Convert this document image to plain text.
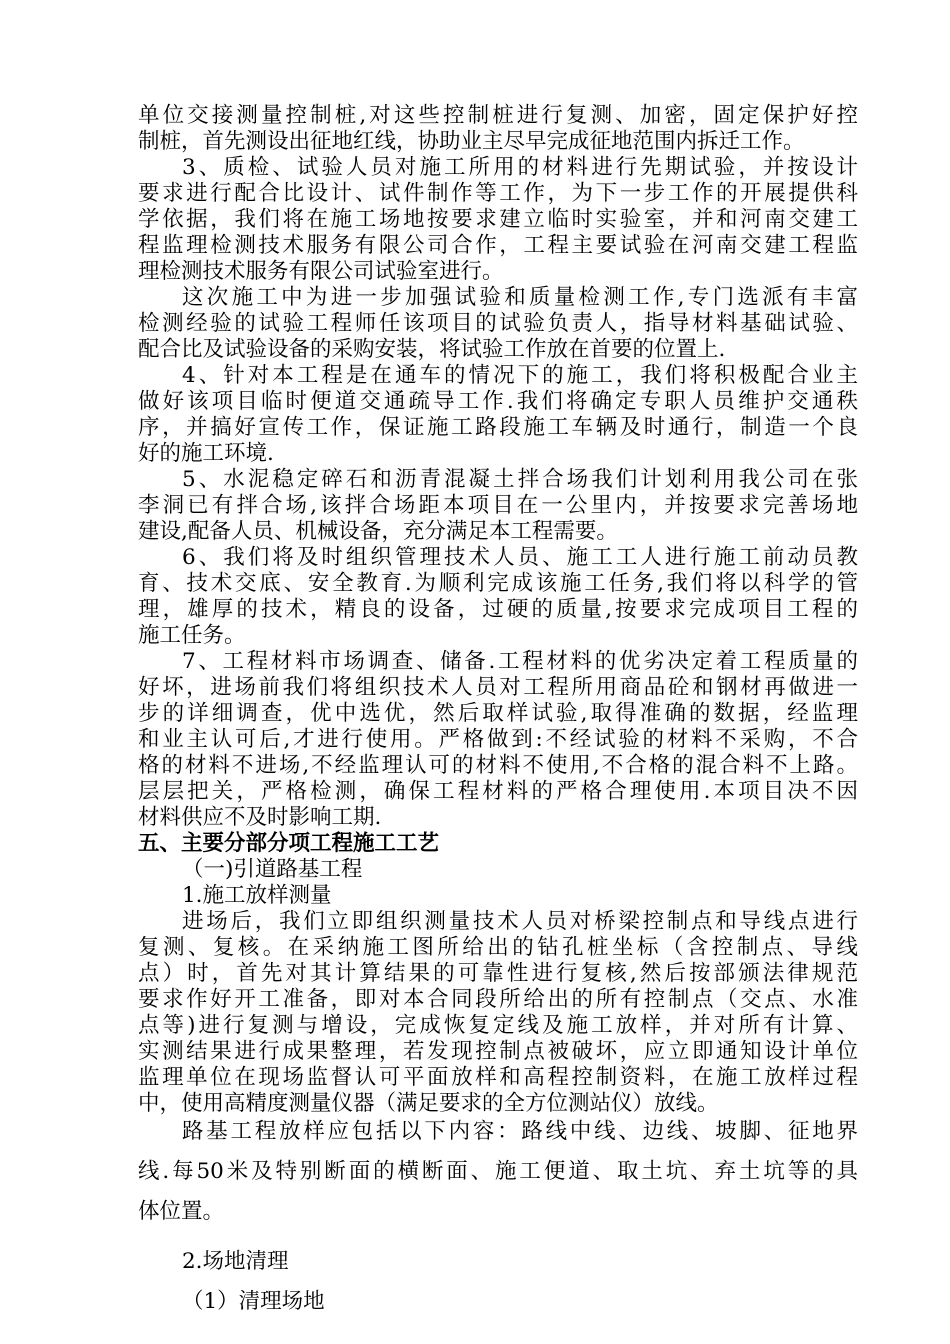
单位交接测量控制桩,对这些控制桩进行复测、加密，固定保护好控
制桩，首先测设出征地红线，协助业主尽早完成征地范围内拆迁工作。
3、质检、试验人员对施工所用的材料进行先期试验，并按设计
要求进行配合比设计、试件制作等工作，为下一步工作的开展提供科
学依据，我们将在施工场地按要求建立临时实验室，并和河南交建工
程监理检测技术服务有限公司合作，工程主要试验在河南交建工程监
理检测技术服务有限公司试验室进行。
这次施工中为进一步加强试验和质量检测工作,专门选派有丰富
检测经验的试验工程师任该项目的试验负责人，指导材料基础试验、
配合比及试验设备的采购安装，将试验工作放在首要的位置上.
4、针对本工程是在通车的情况下的施工，我们将积极配合业主
做好该项目临时便道交通疏导工作.我们将确定专职人员维护交通秩
序，并搞好宣传工作，保证施工路段施工车辆及时通行，制造一个良
好的施工环境.
5、水泥稳定碎石和沥青混凝土拌合场我们计划利用我公司在张
李洞已有拌合场,该拌合场距本项目在一公里内，并按要求完善场地
建设,配备人员、机械设备，充分满足本工程需要。
6、我们将及时组织管理技术人员、施工工人进行施工前动员教
育、技术交底、安全教育.为顺利完成该施工任务,我们将以科学的管
理，雄厚的技术，精良的设备，过硬的质量,按要求完成项目工程的
施工任务。
7、工程材料市场调查、储备.工程材料的优劣决定着工程质量的
好坏，进场前我们将组织技术人员对工程所用商品砼和钢材再做进一
步的详细调查，优中选优，然后取样试验,取得准确的数据，经监理
和业主认可后,才进行使用。严格做到:不经试验的材料不采购，不合
格的材料不进场,不经监理认可的材料不使用,不合格的混合料不上路。
层层把关，严格检测，确保工程材料的严格合理使用.本项目决不因
材料供应不及时影响工期.
五、主要分部分项工程施工工艺
（一)引道路基工程
1.施工放样测量
进场后，我们立即组织测量技术人员对桥梁控制点和导线点进行
复测、复核。在采纳施工图所给出的钻孔桩坐标（含控制点、导线
点）时，首先对其计算结果的可靠性进行复核,然后按部颁法律规范
要求作好开工准备，即对本合同段所给出的所有控制点（交点、水准
点等)进行复测与增设，完成恢复定线及施工放样，并对所有计算、
实测结果进行成果整理，若发现控制点被破坏，应立即通知设计单位
监理单位在现场监督认可平面放样和高程控制资料，在施工放样过程
中，使用高精度测量仪器（满足要求的全方位测站仪）放线。
路基工程放样应包括以下内容：路线中线、边线、坡脚、征地界
线.每50米及特别断面的横断面、施工便道、取土坑、弃土坑等的具
体位置。
2.场地清理
（1）清理场地
